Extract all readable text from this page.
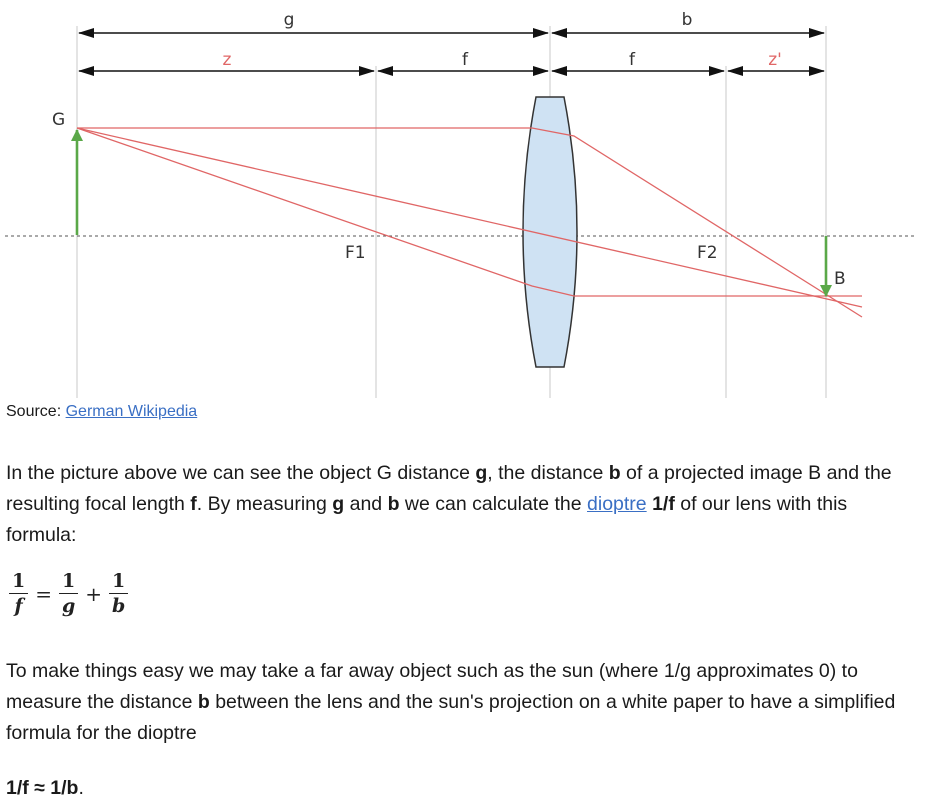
g	b
z	f	f	z'
G
F1	F2
B
Source: German Wikipedia

In the picture above we can see the object G distance g, the distance b of a projected image B and the resulting focal length f. By measuring g and b we can calculate the dioptre 1/f of our lens with this formula:

$\frac{1}{f} = \frac{1}{g} + \frac{1}{b}$

To make things easy we may take a far away object such as the sun (where 1/g approximates 0) to measure the distance b between the lens and the sun's projection on a white paper to have a simplified formula for the dioptre

1/f ≈ 1/b.
